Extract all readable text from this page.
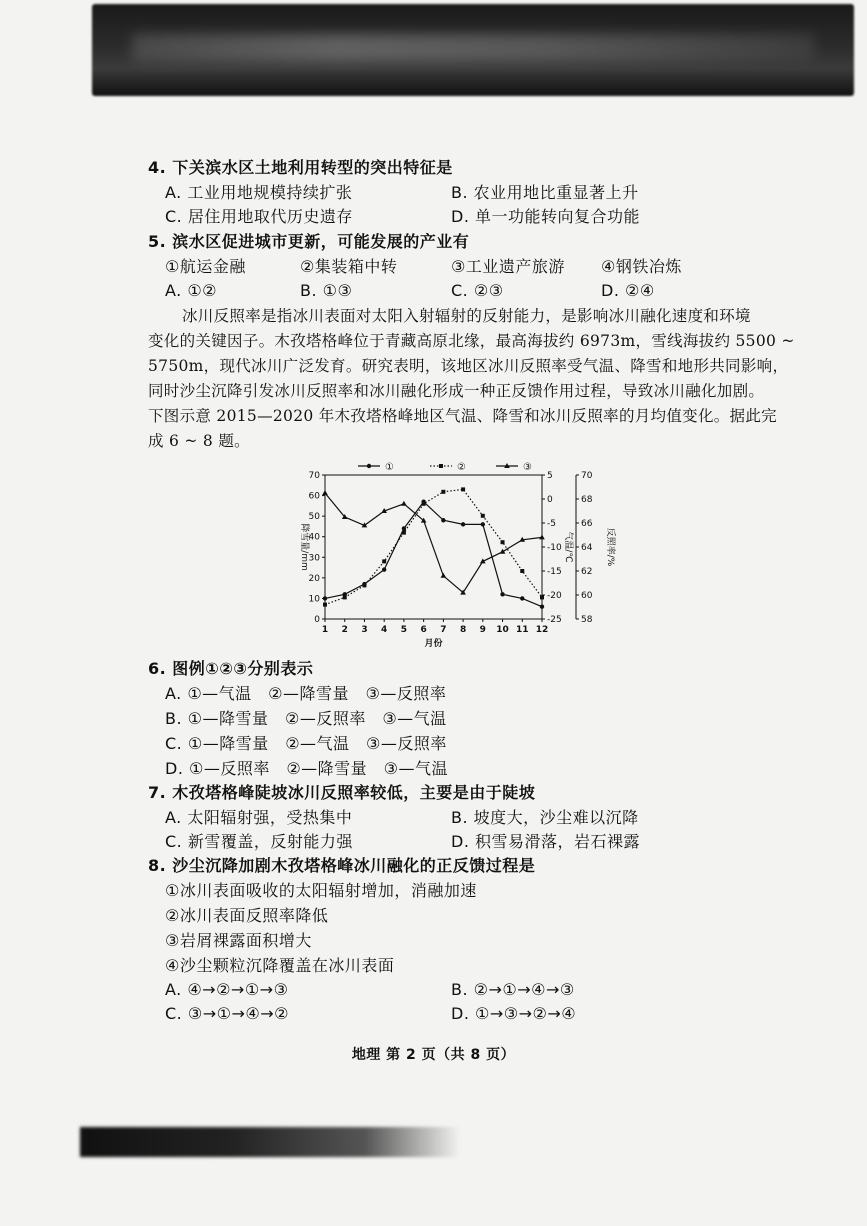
4. 下关滨水区土地利用转型的突出特征是
A. 工业用地规模持续扩张	B. 农业用地比重显著上升
C. 居住用地取代历史遗存	D. 单一功能转向复合功能
5. 滨水区促进城市更新，可能发展的产业有
①航运金融	②集装箱中转	③工业遗产旅游 ④钢铁冶炼
A. ①②	B. ①③	C. ②③	D. ②④
冰川反照率是指冰川表面对太阳入射辐射的反射能力，是影响冰川融化速度和环境
变化的关键因子。木孜塔格峰位于青藏高原北缘，最高海拔约 6973m，雪线海拔约 5500 ~
5750m，现代冰川广泛发育。研究表明，该地区冰川反照率受气温、降雪和地形共同影响，
同时沙尘沉降引发冰川反照率和冰川融化形成一种正反馈作用过程，导致冰川融化加剧。
下图示意 2015—2020 年木孜塔格峰地区气温、降雪和冰川反照率的月均值变化。据此完
成 6 ~ 8 题。
0
10
20
30
40
50
60
70
降雪量/mm
-25
-20
-15
-10
-5
0
5
气温/℃
58
60
62
64
66
68
70
反照率/%
1 2 3 4 5 6 7 8 9 10 11 12
月份
①	②	③
6. 图例①②③分别表示
A. ①—气温　②—降雪量　③—反照率
B. ①—降雪量　②—反照率　③—气温
C. ①—降雪量　②—气温　③—反照率
D. ①—反照率　②—降雪量　③—气温
7. 木孜塔格峰陡坡冰川反照率较低，主要是由于陡坡
A. 太阳辐射强，受热集中	B. 坡度大，沙尘难以沉降
C. 新雪覆盖，反射能力强	D. 积雪易滑落，岩石裸露
8. 沙尘沉降加剧木孜塔格峰冰川融化的正反馈过程是
①冰川表面吸收的太阳辐射增加，消融加速
②冰川表面反照率降低
③岩屑裸露面积增大
④沙尘颗粒沉降覆盖在冰川表面
A. ④→②→①→③	B. ②→①→④→③
C. ③→①→④→②	D. ①→③→②→④
地理 第 2 页（共 8 页）
